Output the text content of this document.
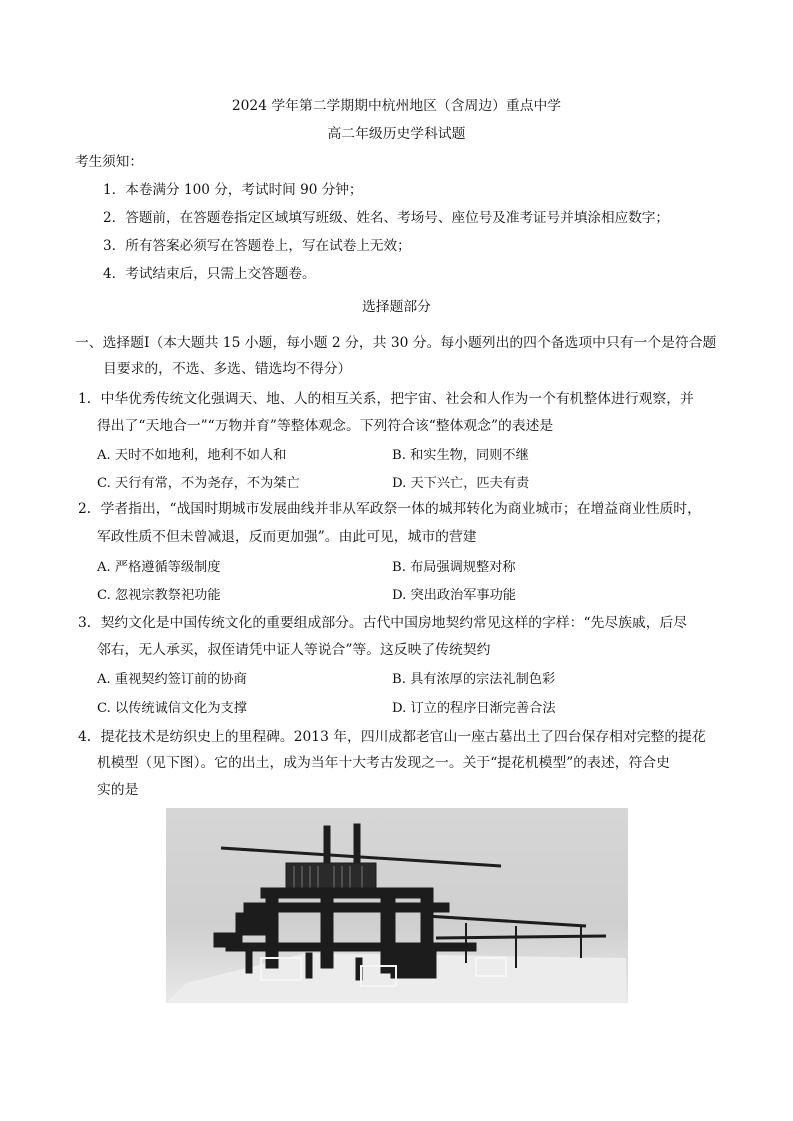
2024 学年第二学期期中杭州地区（含周边）重点中学
高二年级历史学科试题
考生须知：
1．本卷满分 100 分，考试时间 90 分钟；
2．答题前，在答题卷指定区域填写班级、姓名、考场号、座位号及准考证号并填涂相应数字；
3．所有答案必须写在答题卷上，写在试卷上无效；
4．考试结束后，只需上交答题卷。
选择题部分
一、选择题Ⅰ（本大题共 15 小题，每小题 2 分，共 30 分。每小题列出的四个备选项中只有一个是符合题
目要求的，不选、多选、错选均不得分）
1．中华优秀传统文化强调天、地、人的相互关系，把宇宙、社会和人作为一个有机整体进行观察，并
得出了“天地合一”“万物并育”等整体观念。下列符合该“整体观念”的表述是
A. 天时不如地利，地利不如人和	B. 和实生物，同则不继
C. 天行有常，不为尧存，不为桀亡	D. 天下兴亡，匹夫有责
2．学者指出，“战国时期城市发展曲线并非从军政祭一体的城邦转化为商业城市；在增益商业性质时，
军政性质不但未曾减退，反而更加强”。由此可见，城市的营建
A. 严格遵循等级制度	B. 布局强调规整对称
C. 忽视宗教祭祀功能	D. 突出政治军事功能
3．契约文化是中国传统文化的重要组成部分。古代中国房地契约常见这样的字样：“先尽族戚，后尽
邻右，无人承买，叔侄请凭中证人等说合”等。这反映了传统契约
A. 重视契约签订前的协商	B. 具有浓厚的宗法礼制色彩
C. 以传统诚信文化为支撑	D. 订立的程序日渐完善合法
4．提花技术是纺织史上的里程碑。2013 年，四川成都老官山一座古墓出土了四台保存相对完整的提花
机模型（见下图）。它的出土，成为当年十大考古发现之一。关于“提花机模型”的表述，符合史
实的是
